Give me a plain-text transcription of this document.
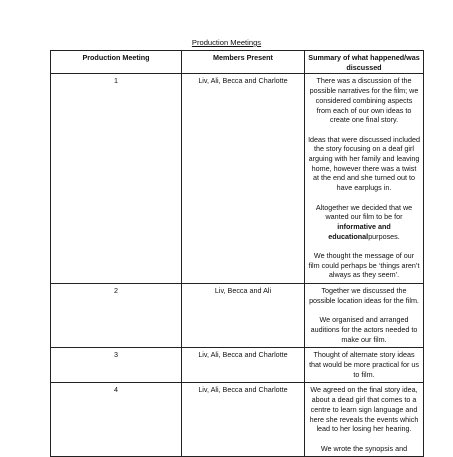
Production Meetings
Production Meeting	Members Present	Summary of what happened/was discussed
1	Liv, Ali, Becca and Charlotte	There was a discussion of the possible narratives for the film; we considered combining aspects from each of our own ideas to create one final story.

Ideas that were discussed included the story focusing on a deaf girl arguing with her family and leaving home, however there was a twist at the end and she turned out to have earplugs in.

Altogether we decided that we wanted our film to be for informative and educationalpurposes.

We thought the message of our film could perhaps be ‘things aren’t always as they seem’.

2	Liv, Becca and Ali	Together we discussed the possible location ideas for the film.

We organised and arranged auditions for the actors needed to make our film.

3	Liv, Ali, Becca and Charlotte	Thought of alternate story ideas that would be more practical for us to film.

4	Liv, Ali, Becca and Charlotte	We agreed on the final story idea, about a dead girl that comes to a centre to learn sign language and here she reveals the events which lead to her losing her hearing.

We wrote the synopsis and
